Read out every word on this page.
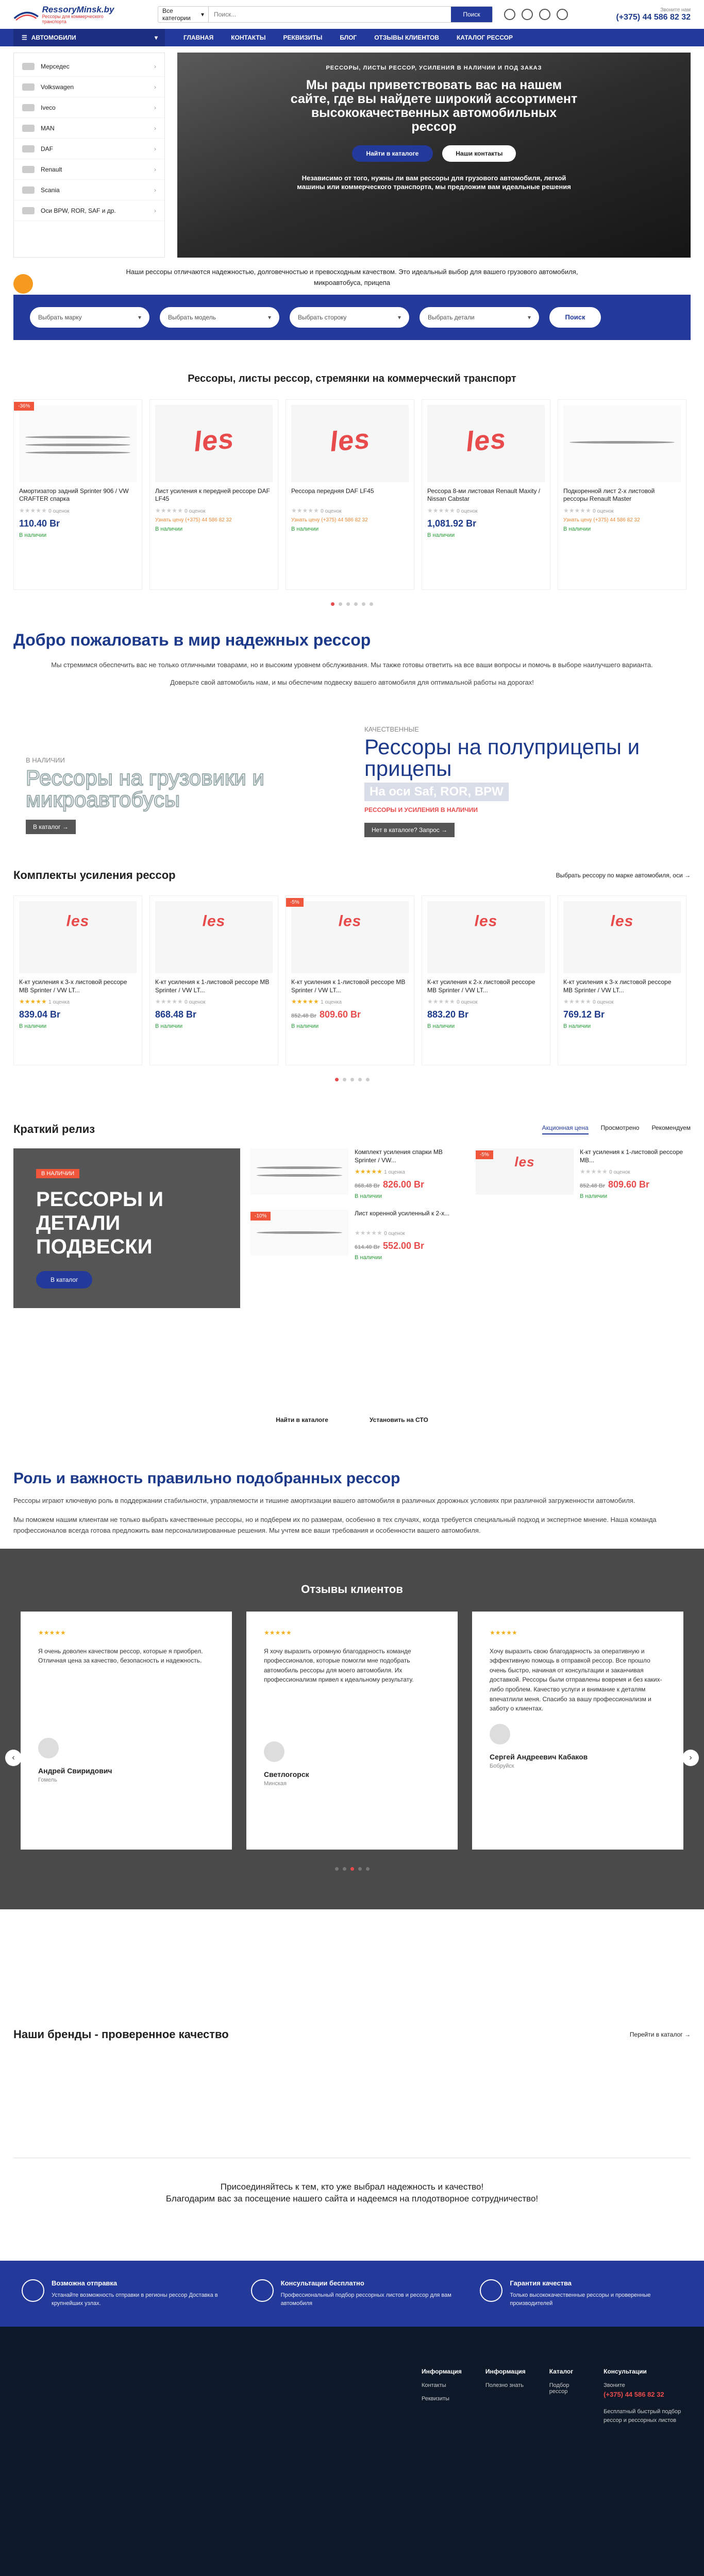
RessoryMinsk.by
Рессоры для коммерческого транспорта
Все категории	▾
Поиск...	Поиск
Звоните нам
(+375) 44 586 82 32
☰ АВТОМОБИЛИ	▾	ГЛАВНАЯ	КОНТАКТЫ	РЕКВИЗИТЫ	БЛОГ	ОТЗЫВЫ КЛИЕНТОВ	КАТАЛОГ РЕССОР
Мерседес	›
Volkswagen	›
Iveco	›
MAN	›
DAF	›
Renault	›
Scania	›
Оси BPW, ROR, SAF и др.	›
РЕССОРЫ, ЛИСТЫ РЕССОР, УСИЛЕНИЯ В НАЛИЧИИ И ПОД ЗАКАЗ
Мы рады приветствовать вас на нашем сайте, где вы найдете широкий ассортимент высококачественных автомобильных рессор
Найти в каталоге	Наши контакты
Независимо от того, нужны ли вам рессоры для грузового автомобиля, легкой машины или коммерческого транспорта, мы предложим вам идеальные решения
Наши рессоры отличаются надежностью, долговечностью и превосходным качеством. Это идеальный выбор для вашего грузового автомобиля, микроавтобуса, прицепа
Выбрать марку	▾	Выбрать модель	▾	Выбрать стороку	▾	Выбрать детали	▾	Поиск
Рессоры, листы рессор, стремянки на коммерческий транспорт
-36%
Амортизатор задний Sprinter 906 / VW CRAFTER спарка
★★★★★ 0 оценок
110.40 Br
В наличии
les
Лист усиления к передней рессоре DAF LF45
★★★★★ 0 оценок
Узнать цену (+375) 44 586 82 32
В наличии
les
Рессора передняя DAF LF45
★★★★★ 0 оценок
Узнать цену (+375) 44 586 82 32
В наличии
les
Рессора 8-ми листовая Renault Maxity / Nissan Cabstar
★★★★★ 0 оценок
1,081.92 Br
В наличии
Подкоренной лист 2-х листовой рессоры Renault Master
★★★★★ 0 оценок
Узнать цену (+375) 44 586 82 32
В наличии
Добро пожаловать в мир надежных рессор
Мы стремимся обеспечить вас не только отличными товарами, но и высоким уровнем обслуживания. Мы также готовы ответить на все ваши вопросы и помочь в выборе наилучшего варианта.
Доверьте свой автомобиль нам, и мы обеспечим подвеску вашего автомобиля для оптимальной работы на дорогах!
В НАЛИЧИИ
Рессоры на грузовики и микроавтобусы
В каталог →
КАЧЕСТВЕННЫЕ
Рессоры на полуприцепы и прицепы
На оси Saf, ROR, BPW
РЕССОРЫ И УСИЛЕНИЯ В НАЛИЧИИ
Нет в каталоге? Запрос →
Комплекты усиления рессор	Выбрать рессору по марке автомобиля, оси →
les
К-кт усиления к 3-х листовой рессоре MB Sprinter / VW LT...
★★★★★ 1 оценка
839.04 Br
В наличии
les
К-кт усиления к 1-листовой рессоре MB Sprinter / VW LT...
★★★★★ 0 оценок
868.48 Br
В наличии
-5%
les
К-кт усиления к 1-листовой рессоре MB Sprinter / VW LT...
★★★★★ 1 оценка
852.48 Br 809.60 Br
В наличии
les
К-кт усиления к 2-х листовой рессоре MB Sprinter / VW LT...
★★★★★ 0 оценок
883.20 Br
В наличии
les
К-кт усиления к 3-х листовой рессоре MB Sprinter / VW LT...
★★★★★ 0 оценок
769.12 Br
В наличии
Краткий релиз	Акционная цена Просмотрено Рекомендуем
В НАЛИЧИИ
РЕССОРЫ И ДЕТАЛИ ПОДВЕСКИ
В каталог
Комплект усиления спарки MB Sprinter / VW...
★★★★★ 1 оценка
868.48 Br 826.00 Br
В наличии
-5%	les
К-кт усиления к 1-листовой рессоре MB...
★★★★★ 0 оценок
852.48 Br 809.60 Br
В наличии
-10%	Лист коренной усиленный к 2-х...
★★★★★ 0 оценок
614.40 Br 552.00 Br
В наличии
Найти в каталоге	Установить на СТО
Роль и важность правильно подобранных рессор

Рессоры играют ключевую роль в поддержании стабильности, управляемости и тишине амортизации вашего автомобиля в различных дорожных условиях при различной загруженности автомобиля.

Мы поможем нашим клиентам не только выбрать качественные рессоры, но и подберем их по размерам, особенно в тех случаях, когда требуется специальный подход и экспертное мнение. Наша команда профессионалов всегда готова предложить вам персонализированные решения. Мы учтем все ваши требования и особенности вашего автомобиля.

Отзывы клиентов
★★★★★
Я очень доволен качеством рессор, которые я приобрел. Отличная цена за качество, безопасность и надежность.
Андрей Свиридович
Гомель
★★★★★
Я хочу выразить огромную благодарность команде профессионалов, которые помогли мне подобрать автомобиль рессоры для моего автомобиля. Их профессионализм привел к идеальному результату.
Светлогорск
Минская
★★★★★
Хочу выразить свою благодарность за оперативную и эффективную помощь в отправкой рессор. Все прошло очень быстро, начиная от консультации и заканчивая доставкой. Рессоры были отправлены вовремя и без каких-либо проблем. Качество услуги и внимание к деталям впечатлили меня. Спасибо за вашу профессионализм и заботу о клиентах.
Сергей Андреевич Кабаков
Бобруйск
‹	›
Наши бренды - проверенное качество	Перейти в каталог →
Присоединяйтесь к тем, кто уже выбрал надежность и качество!
Благодарим вас за посещение нашего сайта и надеемся на плодотворное сотрудничество!
Возможна отправка
Устанайте возможность отправки в регионы рессор Доставка в крупнейших узлах.
Консультации бесплатно
Профессиональный подбор рессорных листов и рессор для вам автомобиля
Гарантия качества
Только высококачественные рессоры и проверенные производителей
Информация
Контакты
Реквизиты
Информация
Полезно знать
Каталог
Подбор рессор
Консультации
Звоните
(+375) 44 586 82 32
Бесплатный быстрый подбор рессор и рессорных листов
